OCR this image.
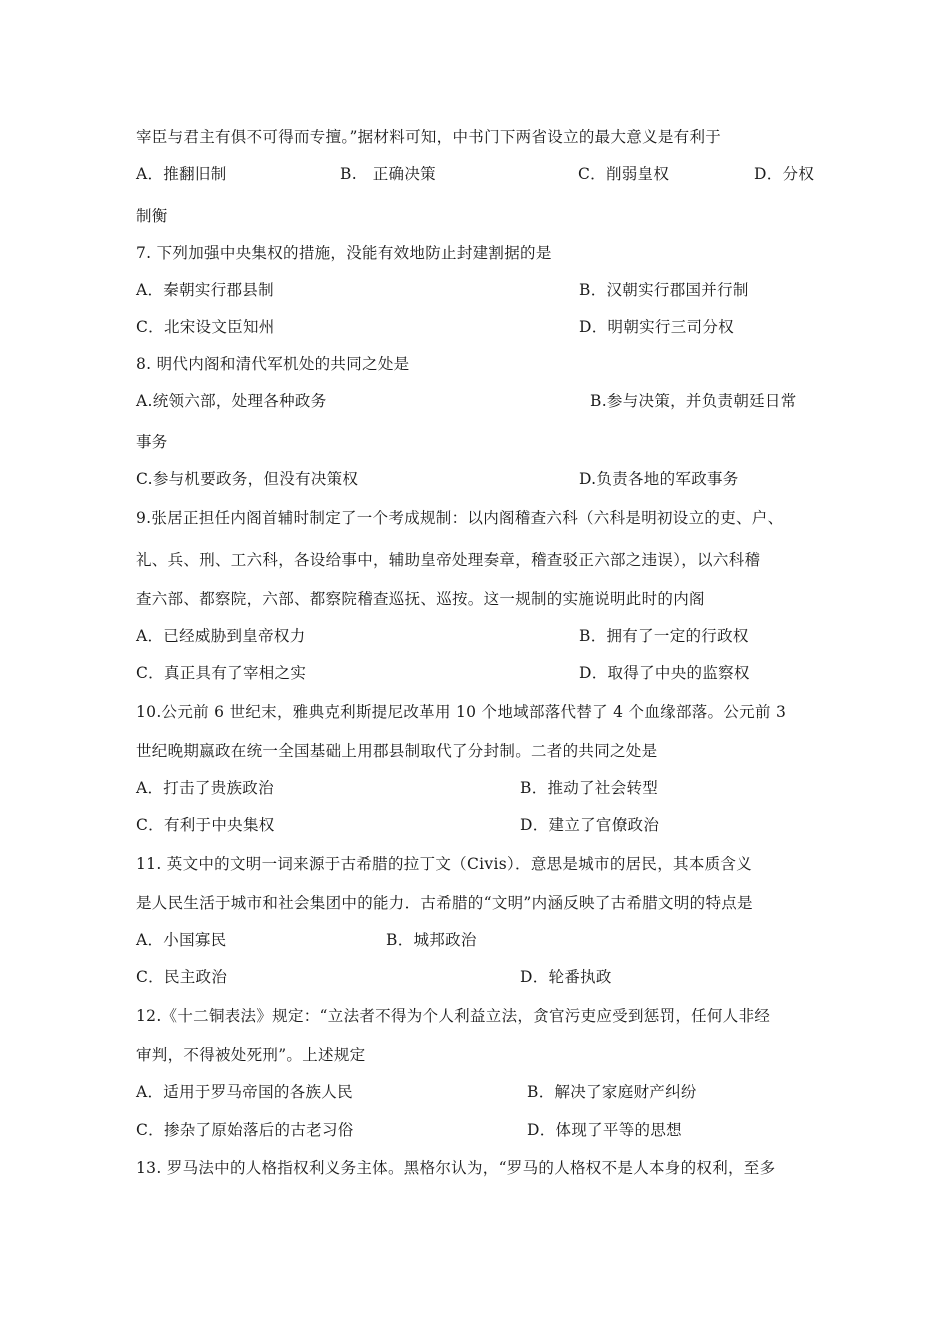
宰臣与君主有俱不可得而专擅。”据材料可知，中书门下两省设立的最大意义是有利于
A．推翻旧制	B.　正确决策	C．削弱皇权	D．分权
制衡
7. 下列加强中央集权的措施，没能有效地防止封建割据的是
A．秦朝实行郡县制	B．汉朝实行郡国并行制
C．北宋设文臣知州	D．明朝实行三司分权
8. 明代内阁和清代军机处的共同之处是
A.统领六部，处理各种政务	B.参与决策，并负责朝廷日常
事务
C.参与机要政务，但没有决策权	D.负责各地的军政事务
9.张居正担任内阁首辅时制定了一个考成规制：以内阁稽查六科（六科是明初设立的吏、户、
礼、兵、刑、工六科，各设给事中，辅助皇帝处理奏章，稽查驳正六部之违误），以六科稽
查六部、都察院，六部、都察院稽查巡抚、巡按。这一规制的实施说明此时的内阁
A．已经威胁到皇帝权力	B．拥有了一定的行政权
C．真正具有了宰相之实	D．取得了中央的监察权
10.公元前 6 世纪末，雅典克利斯提尼改革用 10 个地域部落代替了 4 个血缘部落。公元前 3
世纪晚期嬴政在统一全国基础上用郡县制取代了分封制。二者的共同之处是
A．打击了贵族政治	B．推动了社会转型
C．有利于中央集权	D．建立了官僚政治
11. 英文中的文明一词来源于古希腊的拉丁文（Civis）．意思是城市的居民，其本质含义
是人民生活于城市和社会集团中的能力．古希腊的“文明”内涵反映了古希腊文明的特点是
A．小国寡民	B．城邦政治
C．民主政治	D．轮番执政
12.《十二铜表法》规定：“立法者不得为个人利益立法，贪官污吏应受到惩罚，任何人非经
审判，不得被处死刑”。上述规定
A．适用于罗马帝国的各族人民	B．解决了家庭财产纠纷
C．掺杂了原始落后的古老习俗	D．体现了平等的思想
13. 罗马法中的人格指权利义务主体。黑格尔认为，“罗马的人格权不是人本身的权利，至多
